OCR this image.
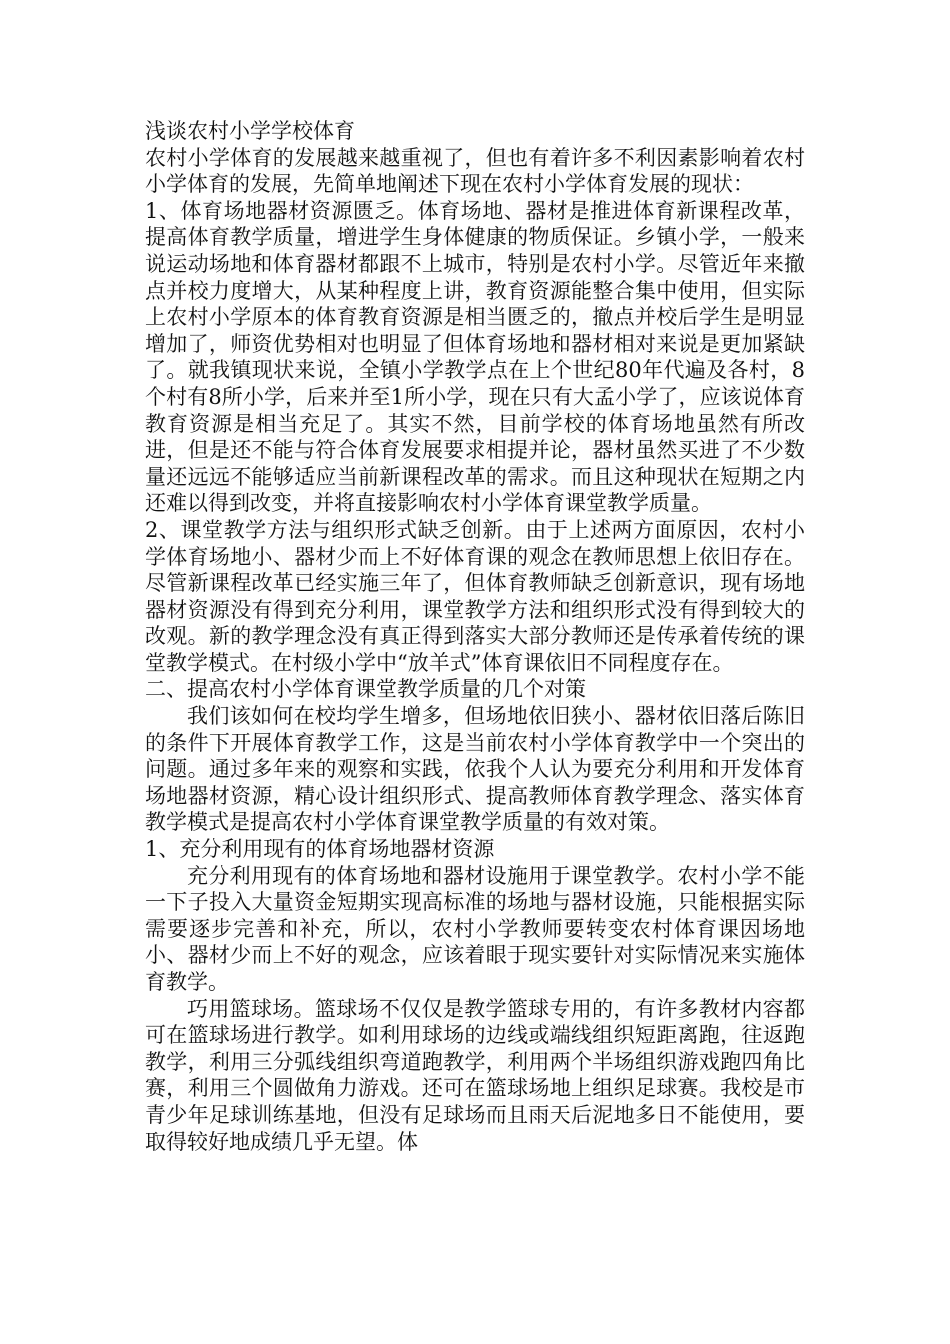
浅谈农村小学学校体育

农村小学体育的发展越来越重视了，但也有着许多不利因素影响着农村小学体育的发展，先简单地阐述下现在农村小学体育发展的现状：

1、体育场地器材资源匮乏。体育场地、器材是推进体育新课程改革，提高体育教学质量，增进学生身体健康的物质保证。乡镇小学，一般来说运动场地和体育器材都跟不上城市，特别是农村小学。尽管近年来撤点并校力度增大，从某种程度上讲，教育资源能整合集中使用，但实际上农村小学原本的体育教育资源是相当匮乏的，撤点并校后学生是明显增加了，师资优势相对也明显了但体育场地和器材相对来说是更加紧缺了。就我镇现状来说，全镇小学教学点在上个世纪80年代遍及各村，8个村有8所小学，后来并至1所小学，现在只有大孟小学了，应该说体育教育资源是相当充足了。其实不然，目前学校的体育场地虽然有所改进，但是还不能与符合体育发展要求相提并论，器材虽然买进了不少数量还远远不能够适应当前新课程改革的需求。而且这种现状在短期之内还难以得到改变，并将直接影响农村小学体育课堂教学质量。

2、课堂教学方法与组织形式缺乏创新。由于上述两方面原因，农村小学体育场地小、器材少而上不好体育课的观念在教师思想上依旧存在。尽管新课程改革已经实施三年了，但体育教师缺乏创新意识，现有场地器材资源没有得到充分利用，课堂教学方法和组织形式没有得到较大的改观。新的教学理念没有真正得到落实大部分教师还是传承着传统的课堂教学模式。在村级小学中“放羊式”体育课依旧不同程度存在。

二、提高农村小学体育课堂教学质量的几个对策

我们该如何在校均学生增多，但场地依旧狭小、器材依旧落后陈旧的条件下开展体育教学工作，这是当前农村小学体育教学中一个突出的问题。通过多年来的观察和实践，依我个人认为要充分利用和开发体育场地器材资源，精心设计组织形式、提高教师体育教学理念、落实体育教学模式是提高农村小学体育课堂教学质量的有效对策。

1、充分利用现有的体育场地器材资源

充分利用现有的体育场地和器材设施用于课堂教学。农村小学不能一下子投入大量资金短期实现高标准的场地与器材设施，只能根据实际需要逐步完善和补充，所以，农村小学教师要转变农村体育课因场地小、器材少而上不好的观念，应该着眼于现实要针对实际情况来实施体育教学。

巧用篮球场。篮球场不仅仅是教学篮球专用的，有许多教材内容都可在篮球场进行教学。如利用球场的边线或端线组织短距离跑，往返跑教学，利用三分弧线组织弯道跑教学，利用两个半场组织游戏跑四角比赛，利用三个圆做角力游戏。还可在篮球场地上组织足球赛。我校是市青少年足球训练基地，但没有足球场而且雨天后泥地多日不能使用，要取得较好地成绩几乎无望。体
